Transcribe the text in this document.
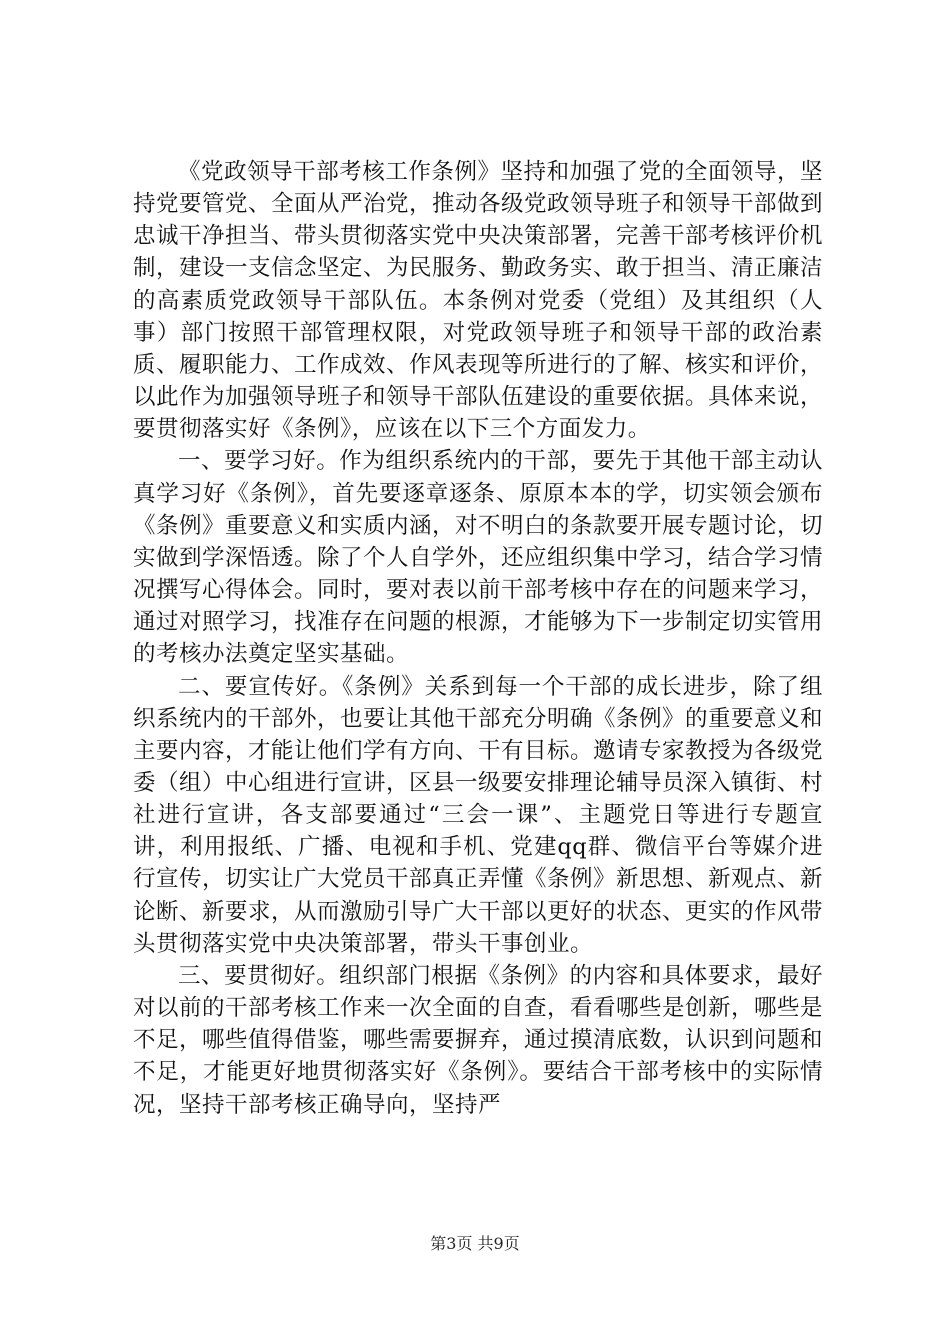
《党政领导干部考核工作条例》坚持和加强了党的全面领导，坚持党要管党、全面从严治党，推动各级党政领导班子和领导干部做到忠诚干净担当、带头贯彻落实党中央决策部署，完善干部考核评价机制，建设一支信念坚定、为民服务、勤政务实、敢于担当、清正廉洁的高素质党政领导干部队伍。本条例对党委（党组）及其组织（人事）部门按照干部管理权限，对党政领导班子和领导干部的政治素质、履职能力、工作成效、作风表现等所进行的了解、核实和评价，以此作为加强领导班子和领导干部队伍建设的重要依据。具体来说，要贯彻落实好《条例》，应该在以下三个方面发力。

一、要学习好。作为组织系统内的干部，要先于其他干部主动认真学习好《条例》，首先要逐章逐条、原原本本的学，切实领会颁布《条例》重要意义和实质内涵，对不明白的条款要开展专题讨论，切实做到学深悟透。除了个人自学外，还应组织集中学习，结合学习情况撰写心得体会。同时，要对表以前干部考核中存在的问题来学习，通过对照学习，找准存在问题的根源，才能够为下一步制定切实管用的考核办法奠定坚实基础。

二、要宣传好。《条例》关系到每一个干部的成长进步，除了组织系统内的干部外，也要让其他干部充分明确《条例》的重要意义和主要内容，才能让他们学有方向、干有目标。邀请专家教授为各级党委（组）中心组进行宣讲，区县一级要安排理论辅导员深入镇街、村社进行宣讲，各支部要通过“三会一课”、主题党日等进行专题宣讲，利用报纸、广播、电视和手机、党建qq群、微信平台等媒介进行宣传，切实让广大党员干部真正弄懂《条例》新思想、新观点、新论断、新要求，从而激励引导广大干部以更好的状态、更实的作风带头贯彻落实党中央决策部署，带头干事创业。

三、要贯彻好。组织部门根据《条例》的内容和具体要求，最好对以前的干部考核工作来一次全面的自查，看看哪些是创新，哪些是不足，哪些值得借鉴，哪些需要摒弃，通过摸清底数，认识到问题和不足，才能更好地贯彻落实好《条例》。要结合干部考核中的实际情况，坚持干部考核正确导向，坚持严

第3页 共9页
